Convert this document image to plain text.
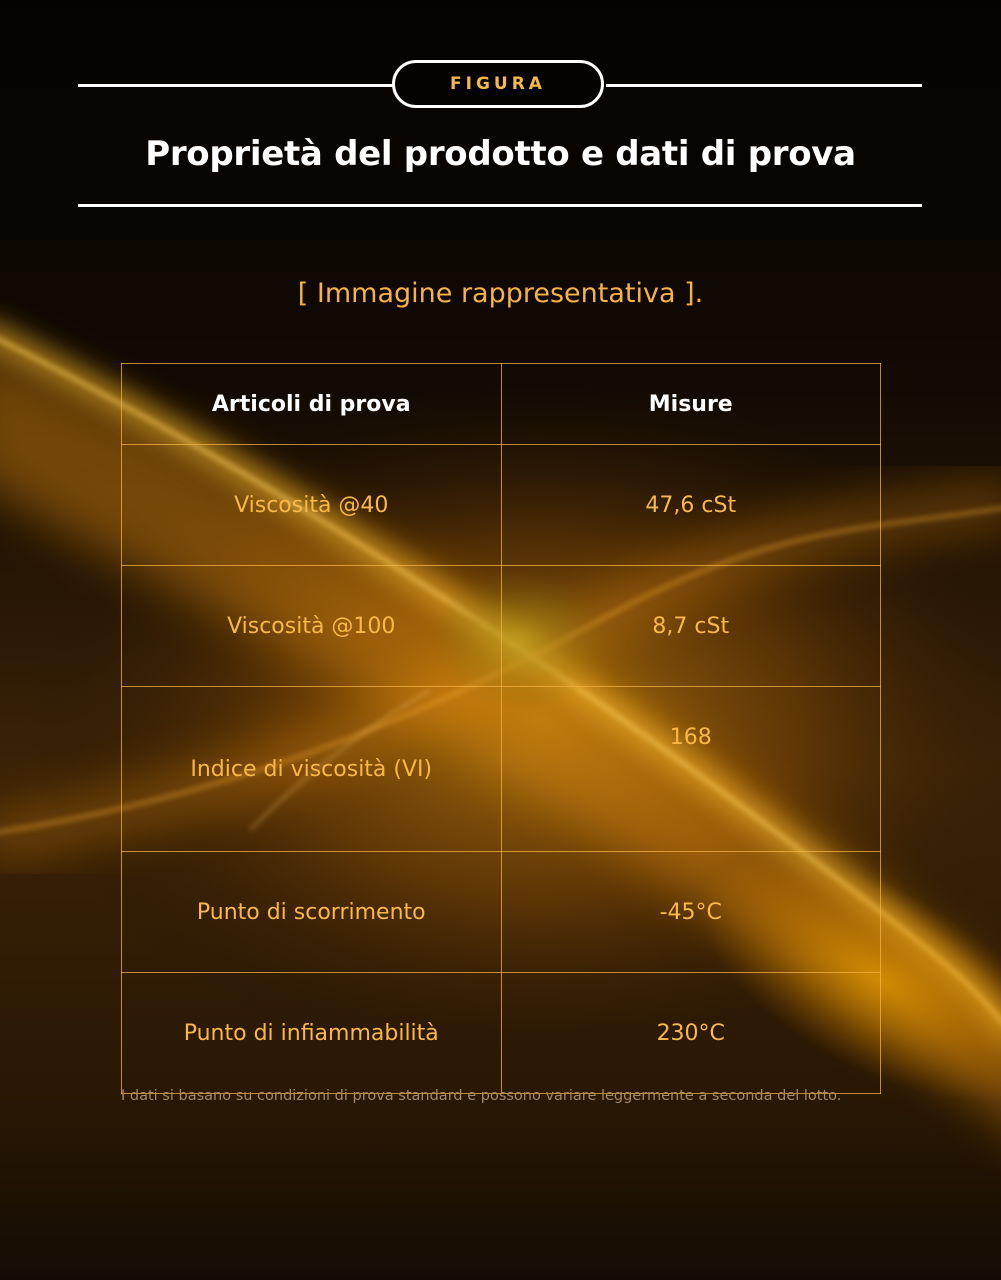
FIGURA
Proprietà del prodotto e dati di prova
[ Immagine rappresentativa ].
Articoli di prova	Misure
Viscosità @40	47,6 cSt
Viscosità @100	8,7 cSt
Indice di viscosità (VI)	168
Punto di scorrimento	-45°C
Punto di infiammabilità	230°C
I dati si basano su condizioni di prova standard e possono variare leggermente a seconda del lotto.
